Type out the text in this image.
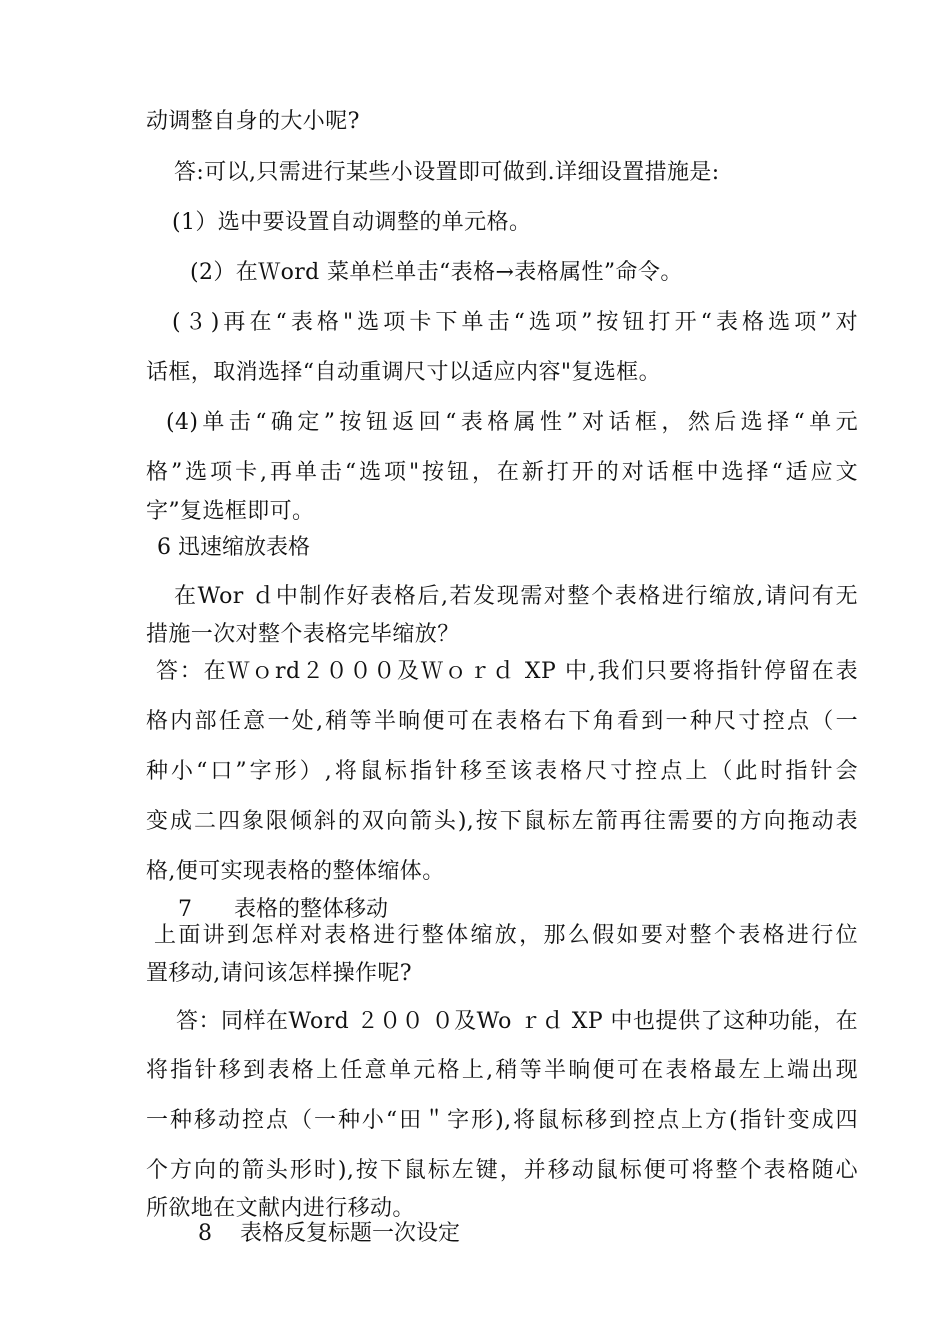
动调整自身的大小呢?
答:可以,只需进行某些小设置即可做到.详细设置措施是:
(1）选中要设置自动调整的单元格。
(2）在Ｗord 菜单栏单击“表格→表格属性”命令。
(３)再在“表格"选项卡下单击“选项”按钮打开“表格选项”对
话框，取消选择“自动重调尺寸以适应内容"复选框。
(4)单击“确定”按钮返回“表格属性”对话框，然后选择“单元
格”选项卡,再单击“选项"按钮，在新打开的对话框中选择“适应文
字”复选框即可。
6 迅速缩放表格
在Wor ｄ中制作好表格后,若发现需对整个表格进行缩放,请问有无
措施一次对整个表格完毕缩放？
答：在Ｗｏrd２０００及Ｗｏｒｄ XP 中,我们只要将指针停留在表
格内部任意一处,稍等半晌便可在表格右下角看到一种尺寸控点（一
种小“口”字形）,将鼠标指针移至该表格尺寸控点上（此时指针会
变成二四象限倾斜的双向箭头),按下鼠标左箭再往需要的方向拖动表
格,便可实现表格的整体缩体。
7      表格的整体移动
上面讲到怎样对表格进行整体缩放，那么假如要对整个表格进行位
置移动,请问该怎样操作呢?
答：同样在Word ２００ ０及Wo ｒｄ XP 中也提供了这种功能，在
将指针移到表格上任意单元格上,稍等半晌便可在表格最左上端出现
一种移动控点（一种小“田＂字形),将鼠标移到控点上方(指针变成四
个方向的箭头形时),按下鼠标左键，并移动鼠标便可将整个表格随心
所欲地在文献内进行移动。
8    表格反复标题一次设定
